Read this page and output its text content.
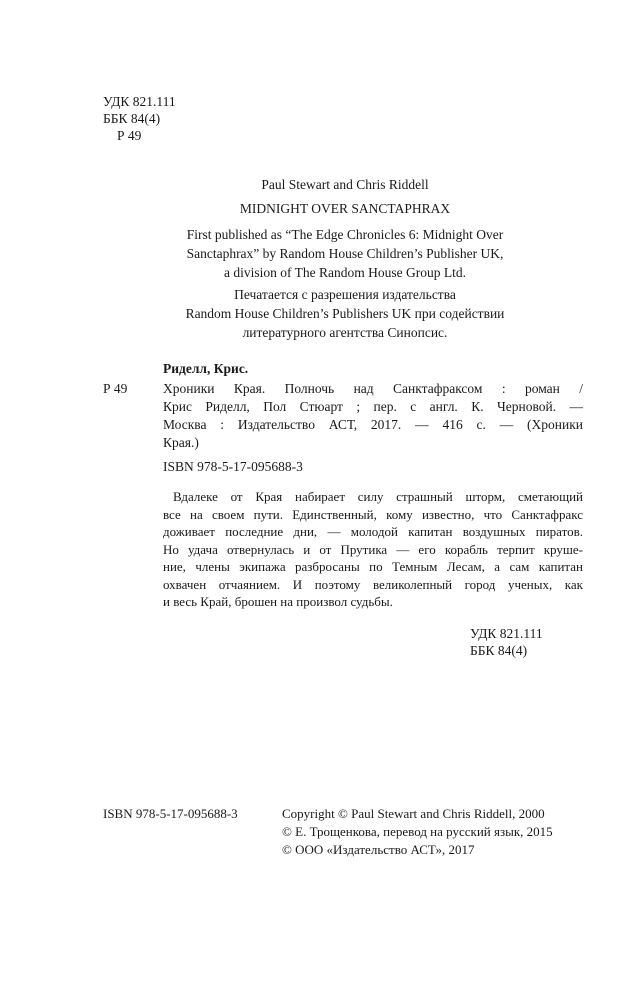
УДК 821.111
ББК 84(4)
Р 49
Paul Stewart and Chris Riddell
MIDNIGHT OVER SANCTAPHRAX
First published as “The Edge Chronicles 6: Midnight Over
Sanctaphrax” by Random House Children’s Publisher UK,
a division of The Random House Group Ltd.
Печатается с разрешения издательства
Random House Children’s Publishers UK при содействии
литературного агентства Синопсис.
Риделл, Крис.
Р 49	Хроники Края. Полночь над Санктафраксом : роман /
Крис Риделл, Пол Стюарт ; пер. с англ. К. Черновой. —
Москва : Издательство АСТ, 2017. — 416 с. — (Хроники
Края.)
ISBN 978-5-17-095688-3
Вдалеке от Края набирает силу страшный шторм, сметающий
все на своем пути. Единственный, кому известно, что Санктафракс
доживает последние дни, — молодой капитан воздушных пиратов.
Но удача отвернулась и от Прутика — его корабль терпит круше-
ние, члены экипажа разбросаны по Темным Лесам, а сам капитан
охвачен отчаянием. И поэтому великолепный город ученых, как
и весь Край, брошен на произвол судьбы.
УДК 821.111
ББК 84(4)
ISBN 978-5-17-095688-3	Copyright © Paul Stewart and Chris Riddell, 2000
© Е. Трощенкова, перевод на русский язык, 2015
© ООО «Издательство АСТ», 2017
